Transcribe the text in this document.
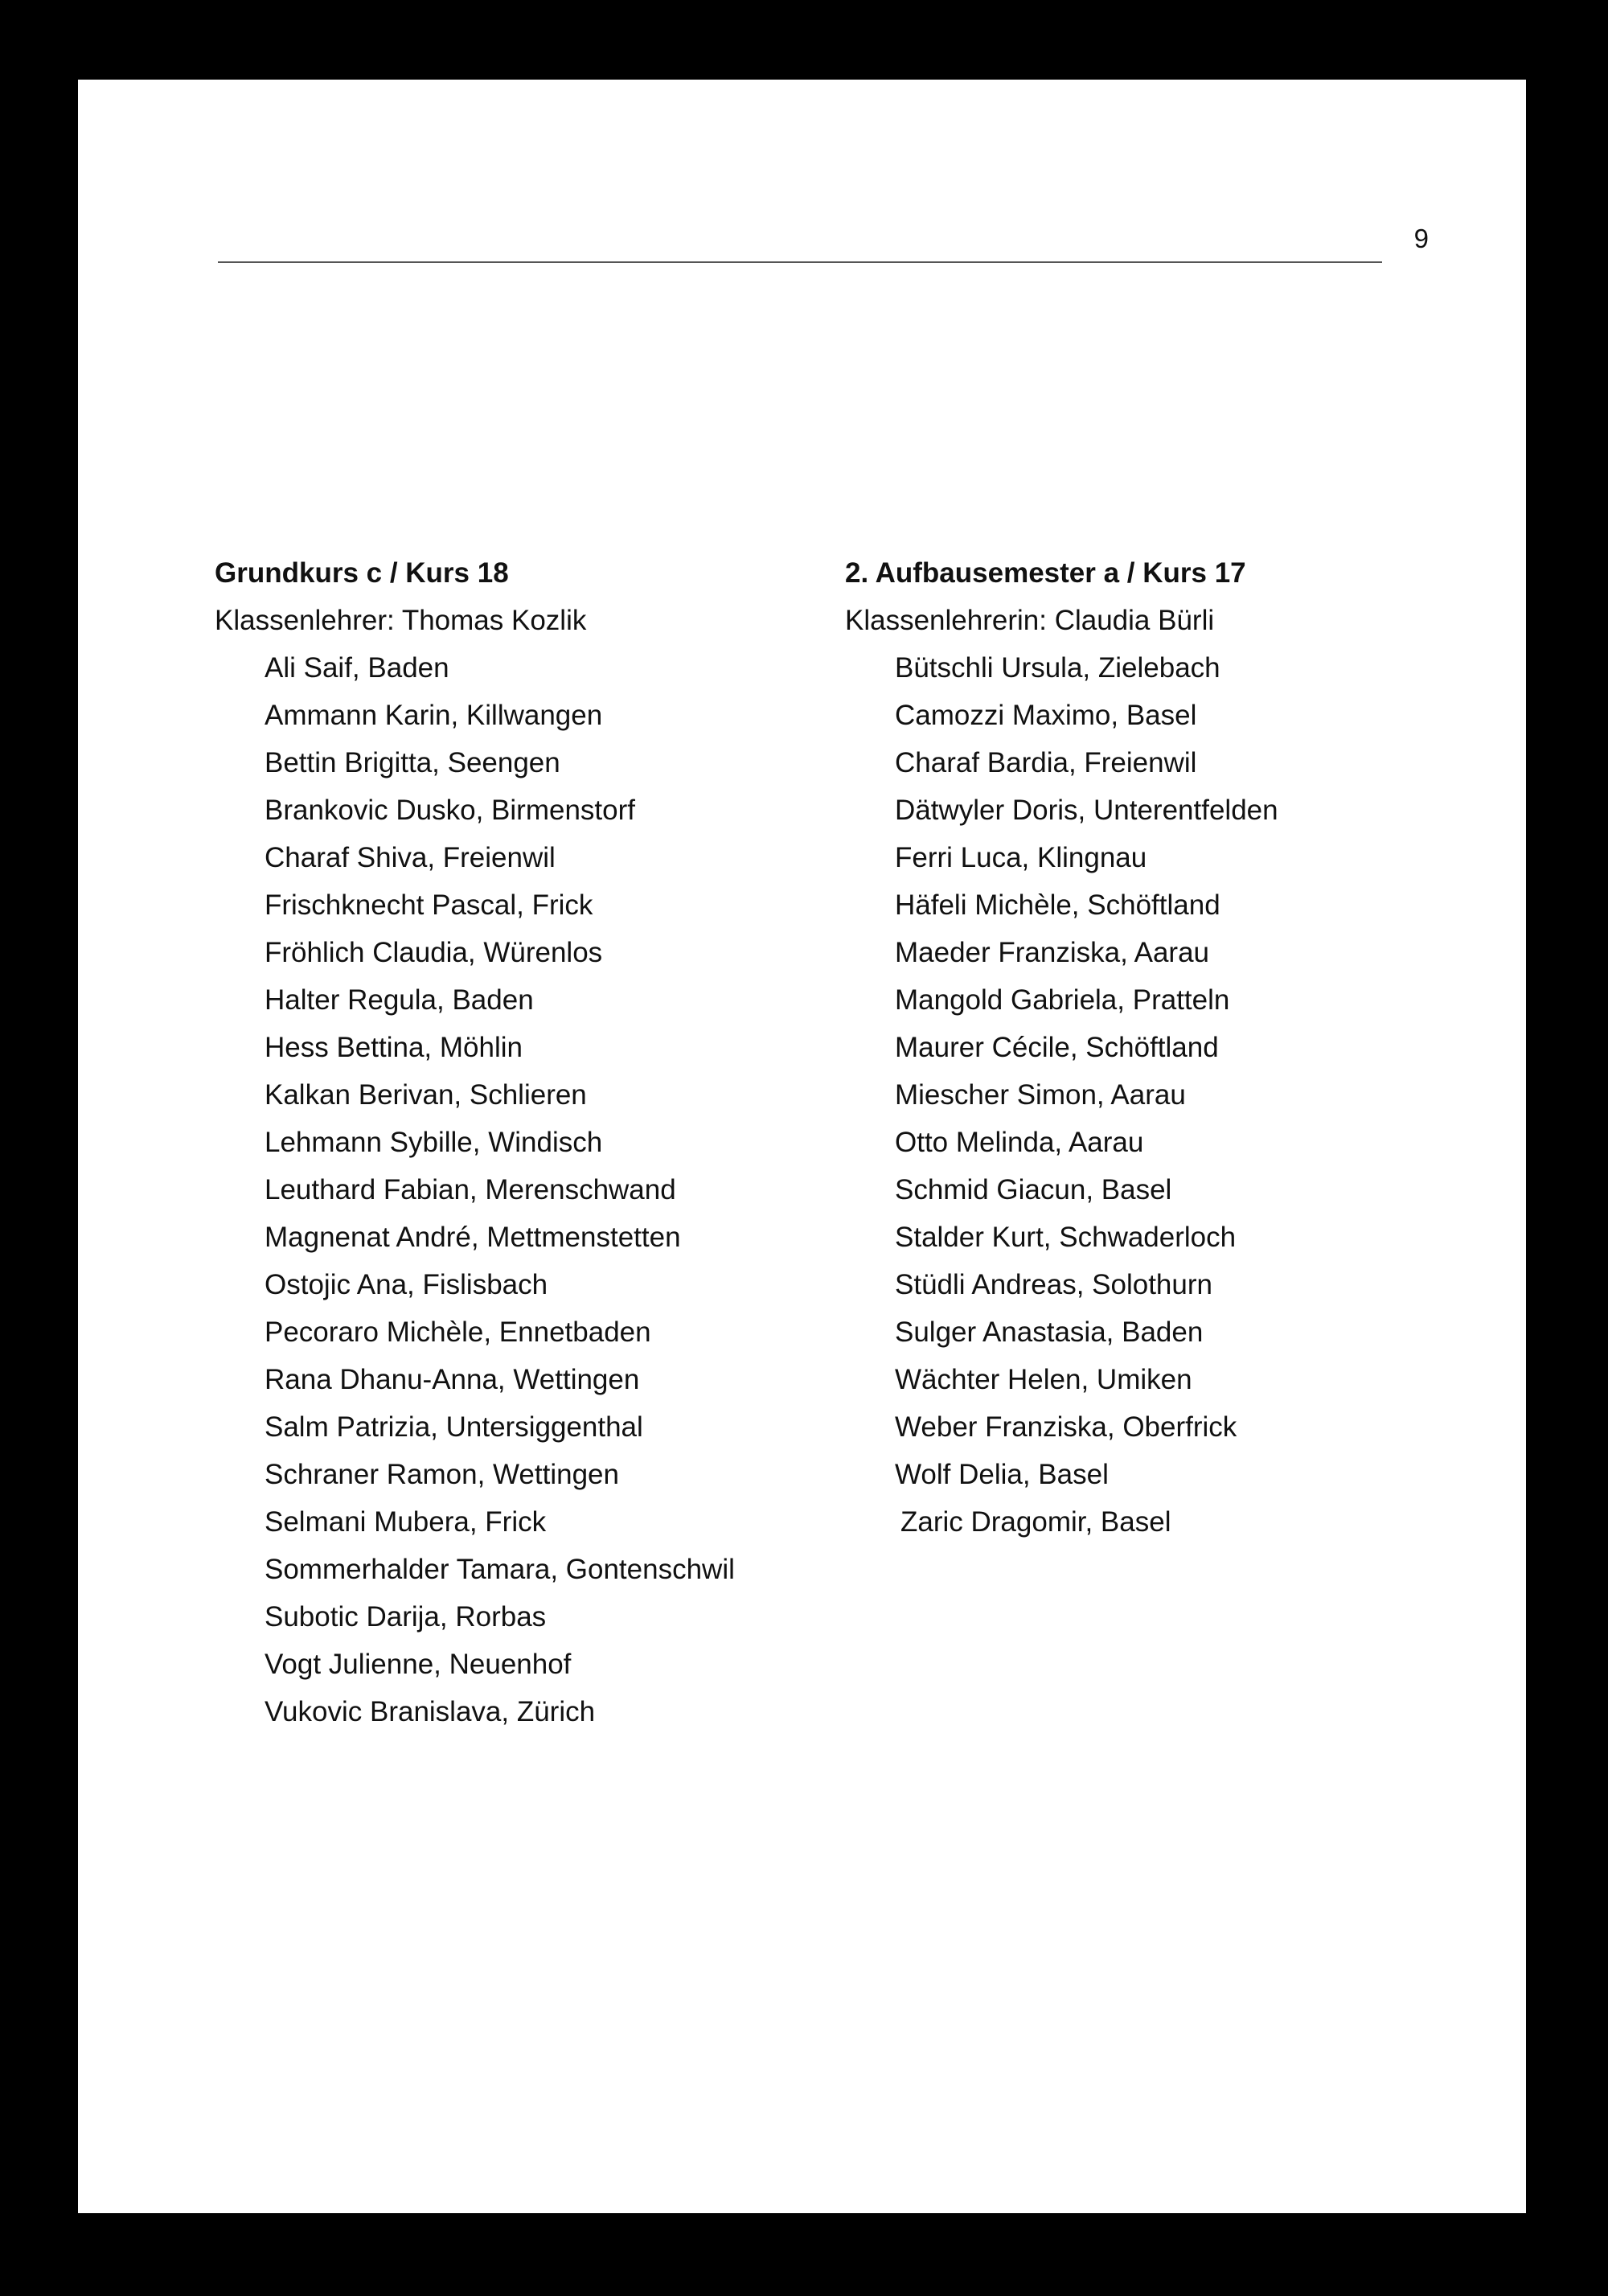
9
Grundkurs c / Kurs 18
Klassenlehrer: Thomas Kozlik
Ali Saif, Baden
Ammann Karin, Killwangen
Bettin Brigitta, Seengen
Brankovic Dusko, Birmenstorf
Charaf Shiva, Freienwil
Frischknecht Pascal, Frick
Fröhlich Claudia, Würenlos
Halter Regula, Baden
Hess Bettina, Möhlin
Kalkan Berivan, Schlieren
Lehmann Sybille, Windisch
Leuthard Fabian, Merenschwand
Magnenat André, Mettmenstetten
Ostojic Ana, Fislisbach
Pecoraro Michèle, Ennetbaden
Rana Dhanu-Anna, Wettingen
Salm Patrizia, Untersiggenthal
Schraner Ramon, Wettingen
Selmani Mubera, Frick
Sommerhalder Tamara, Gontenschwil
Subotic Darija, Rorbas
Vogt Julienne, Neuenhof
Vukovic Branislava, Zürich
2. Aufbausemester a / Kurs 17
Klassenlehrerin: Claudia Bürli
Bütschli Ursula, Zielebach
Camozzi Maximo, Basel
Charaf Bardia, Freienwil
Dätwyler Doris, Unterentfelden
Ferri Luca, Klingnau
Häfeli Michèle, Schöftland
Maeder Franziska, Aarau
Mangold Gabriela, Pratteln
Maurer Cécile, Schöftland
Miescher Simon, Aarau
Otto Melinda, Aarau
Schmid Giacun, Basel
Stalder Kurt, Schwaderloch
Stüdli Andreas, Solothurn
Sulger Anastasia, Baden
Wächter Helen, Umiken
Weber Franziska, Oberfrick
Wolf Delia, Basel
Zaric Dragomir, Basel
